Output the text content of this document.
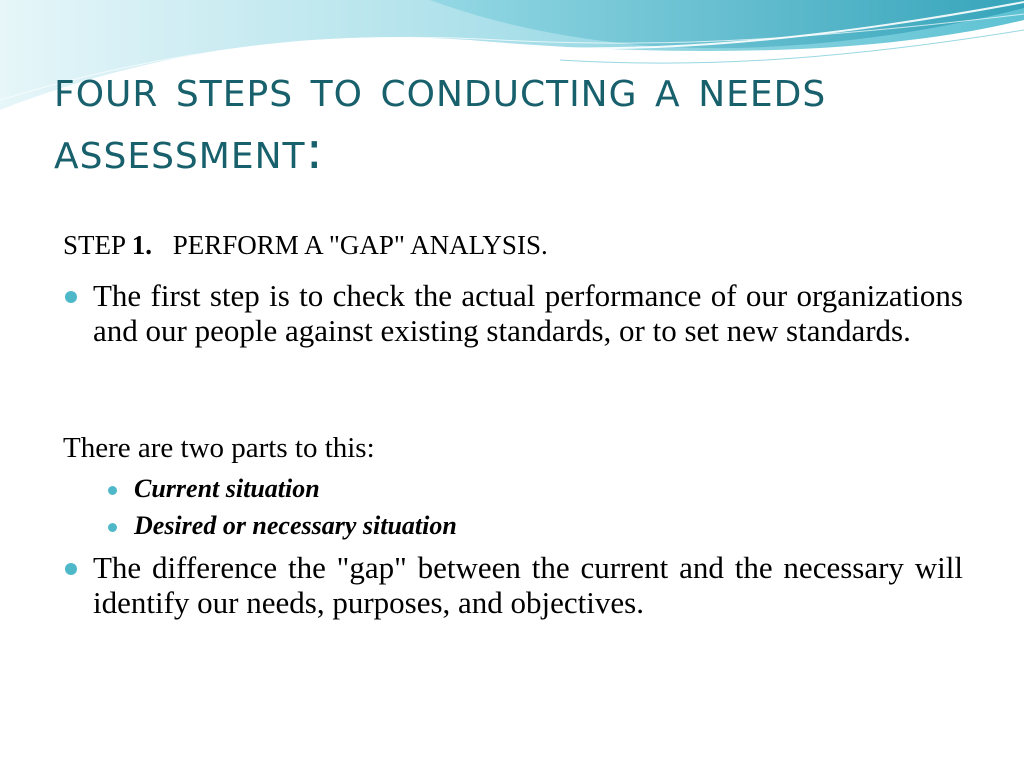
four steps to conducting a needs assessment:
STEP 1. PERFORM A "GAP" ANALYSIS.

The first step is to check the actual performance of our organizations and our people against existing standards, or to set new standards.

There are two parts to this:

Current situation

Desired or necessary situation

The difference the "gap" between the current and the necessary will identify our needs, purposes, and objectives.
